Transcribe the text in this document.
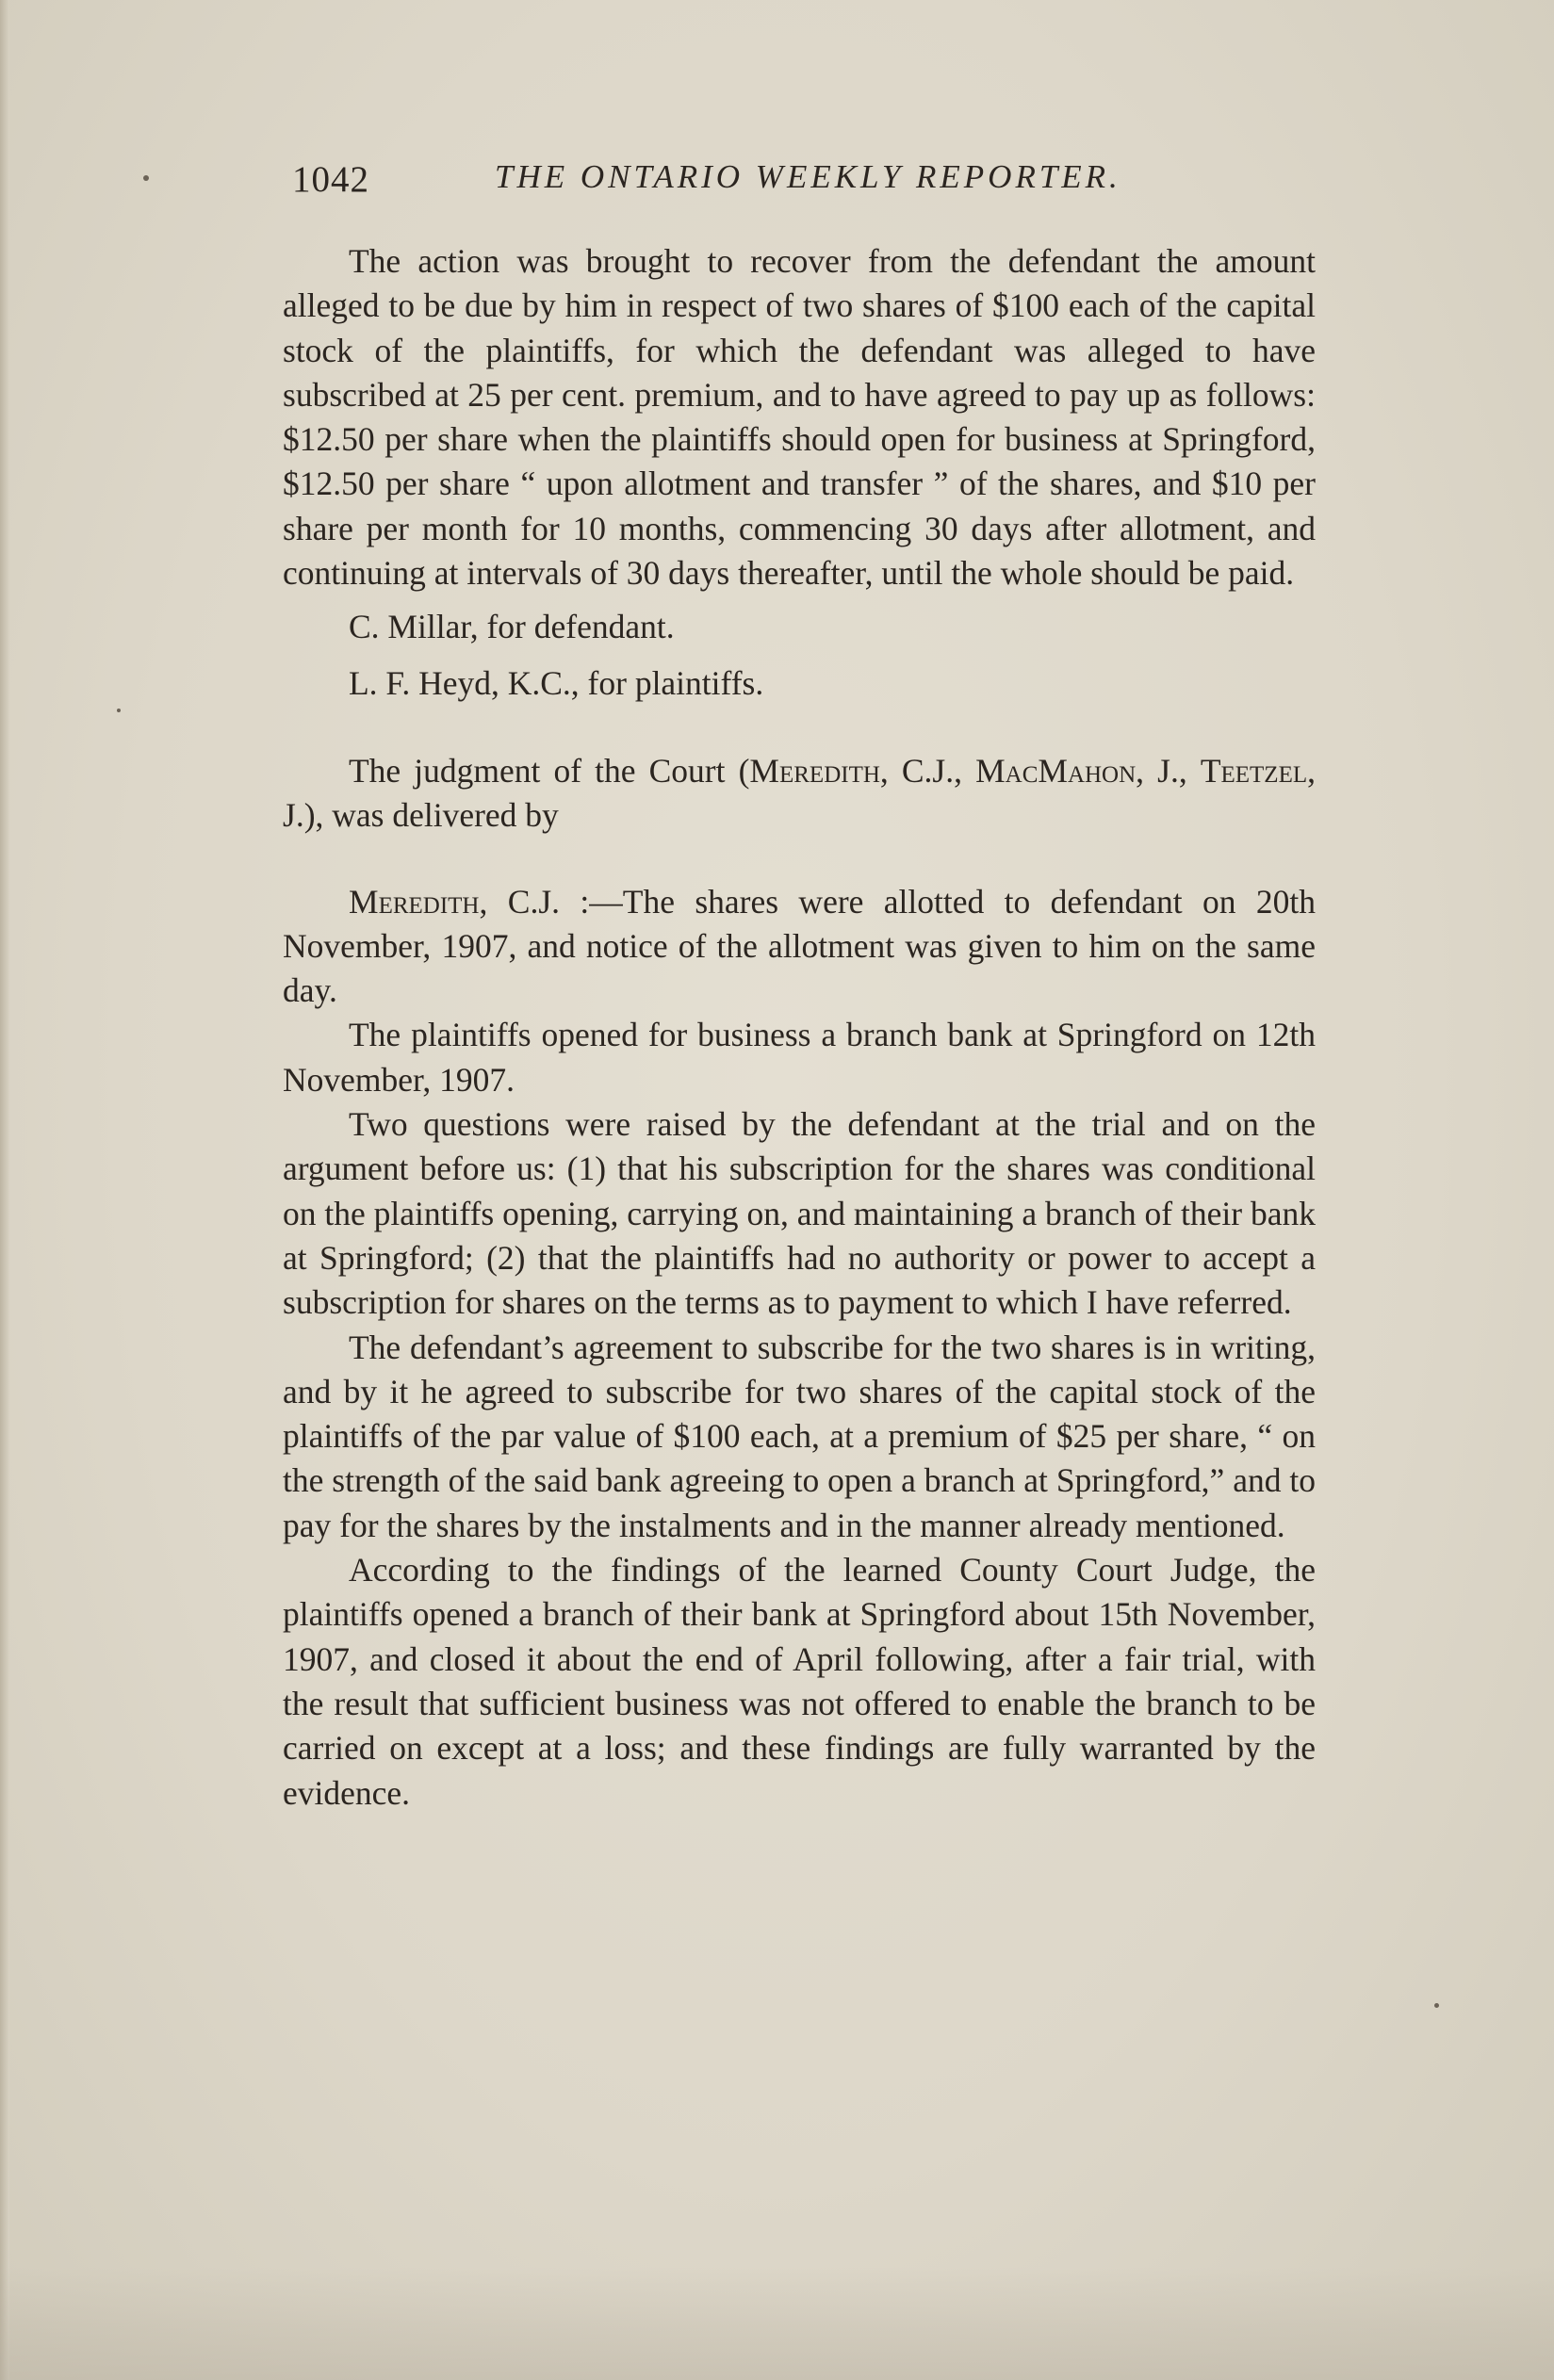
1042	THE ONTARIO WEEKLY REPORTER.

The action was brought to recover from the defendant the amount alleged to be due by him in respect of two shares of $100 each of the capital stock of the plaintiffs, for which the defendant was alleged to have subscribed at 25 per cent. premium, and to have agreed to pay up as follows: $12.50 per share when the plaintiffs should open for business at Springford, $12.50 per share “ upon allotment and transfer ” of the shares, and $10 per share per month for 10 months, commencing 30 days after allotment, and continuing at intervals of 30 days thereafter, until the whole should be paid.

C. Millar, for defendant.

L. F. Heyd, K.C., for plaintiffs.

The judgment of the Court (Meredith, C.J., MacMahon, J., Teetzel, J.), was delivered by

Meredith, C.J. :—The shares were allotted to defendant on 20th November, 1907, and notice of the allotment was given to him on the same day.

The plaintiffs opened for business a branch bank at Springford on 12th November, 1907.

Two questions were raised by the defendant at the trial and on the argument before us: (1) that his subscription for the shares was conditional on the plaintiffs opening, carrying on, and maintaining a branch of their bank at Springford; (2) that the plaintiffs had no authority or power to accept a subscription for shares on the terms as to payment to which I have referred.

The defendant’s agreement to subscribe for the two shares is in writing, and by it he agreed to subscribe for two shares of the capital stock of the plaintiffs of the par value of $100 each, at a premium of $25 per share, “ on the strength of the said bank agreeing to open a branch at Springford,” and to pay for the shares by the instalments and in the manner already mentioned.

According to the findings of the learned County Court Judge, the plaintiffs opened a branch of their bank at Springford about 15th November, 1907, and closed it about the end of April following, after a fair trial, with the result that sufficient business was not offered to enable the branch to be carried on except at a loss; and these findings are fully warranted by the evidence.
